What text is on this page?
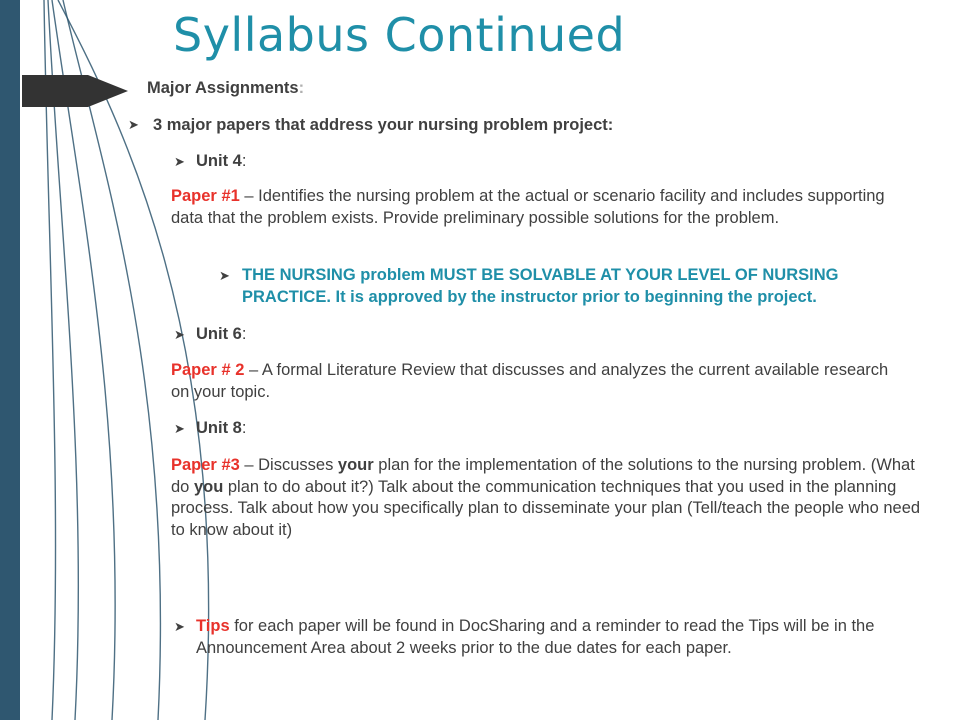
Syllabus Continued

Major Assignments:

➤ 3 major papers that address your nursing problem project:

➤ Unit 4:

Paper #1 – Identifies the nursing problem at the actual or scenario facility and includes supporting data that the problem exists. Provide preliminary possible solutions for the problem.

➤ THE NURSING problem MUST BE SOLVABLE AT YOUR LEVEL OF NURSING PRACTICE. It is approved by the instructor prior to beginning the project.

➤ Unit 6:

Paper # 2 – A formal Literature Review that discusses and analyzes the current available research on your topic.

➤ Unit 8:

Paper #3 – Discusses your plan for the implementation of the solutions to the nursing problem. (What do you plan to do about it?) Talk about the communication techniques that you used in the planning process. Talk about how you specifically plan to disseminate your plan (Tell/teach the people who need to know about it)

➤ Tips for each paper will be found in DocSharing and a reminder to read the Tips will be in the Announcement Area about 2 weeks prior to the due dates for each paper.
